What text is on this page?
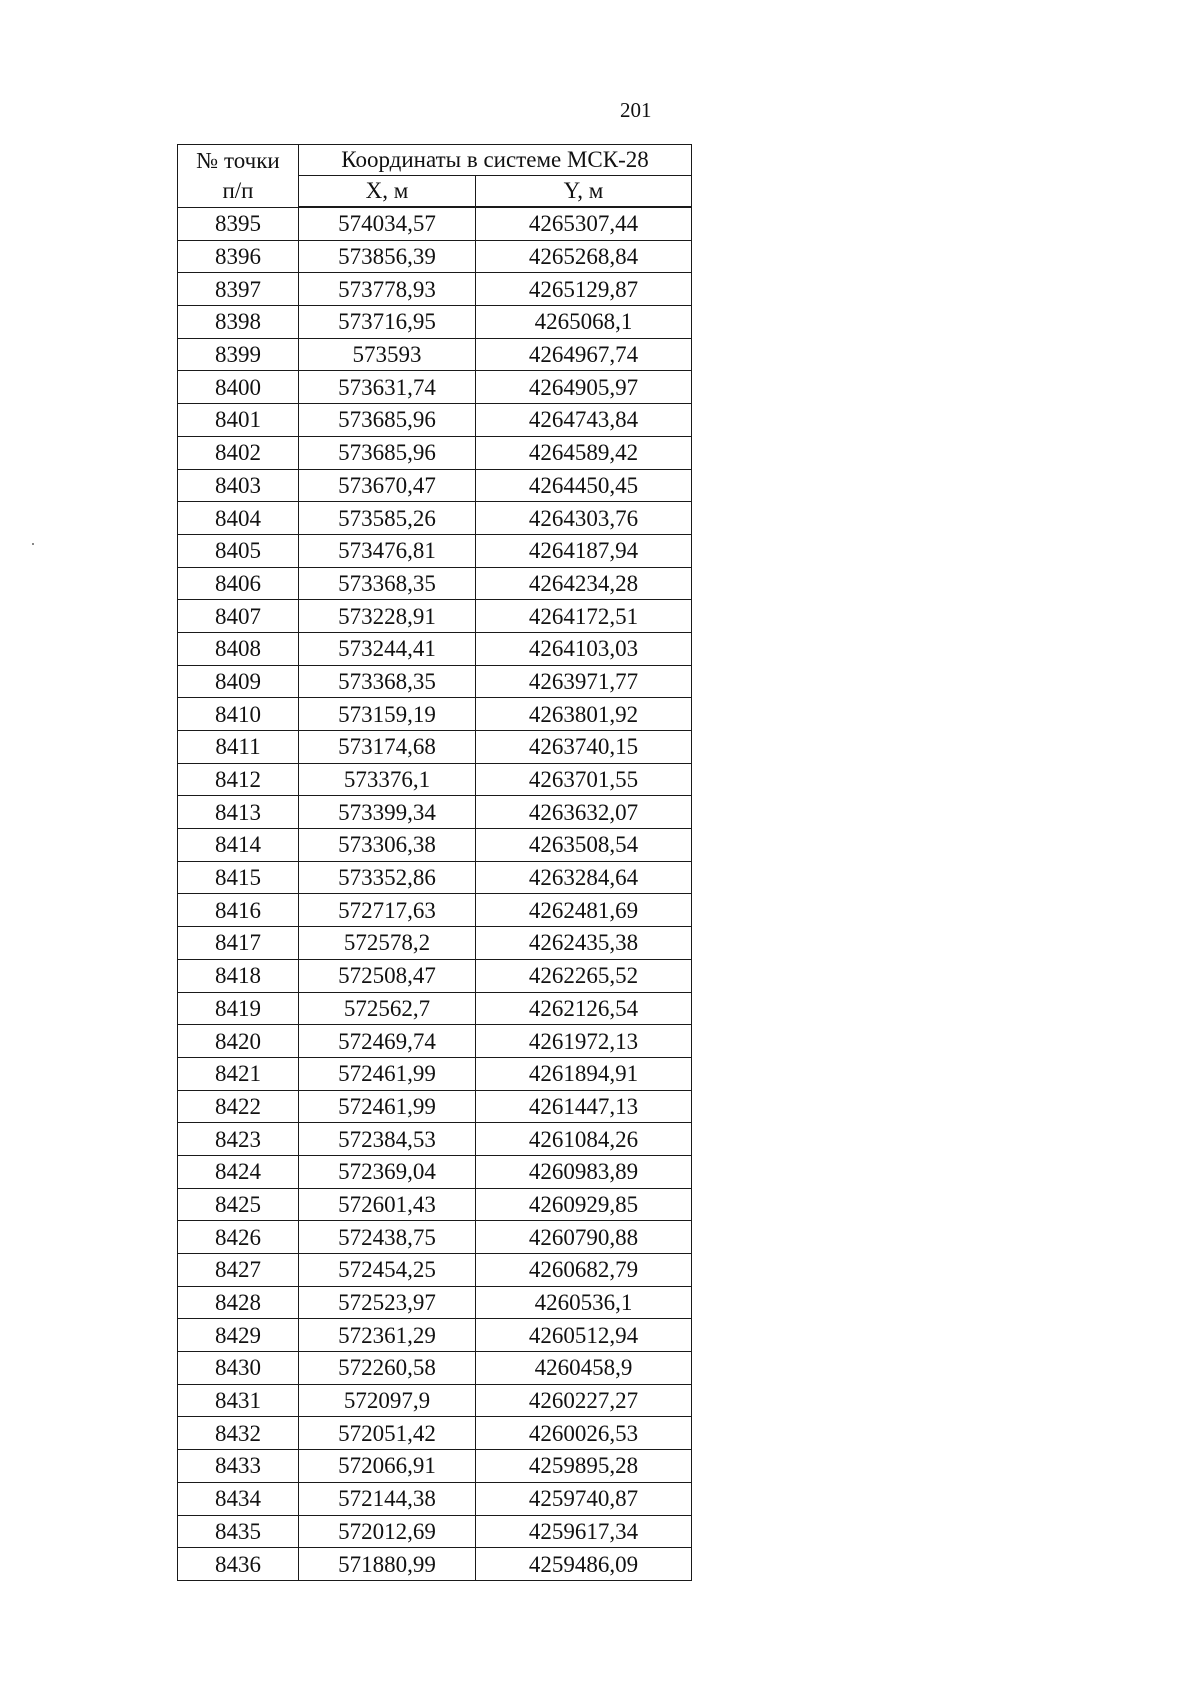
201
№ точки
п/п	Координаты в системе МСК-28	
	X, м	Y, м
8395	574034,57	4265307,44
8396	573856,39	4265268,84
8397	573778,93	4265129,87
8398	573716,95	4265068,1
8399	573593	4264967,74
8400	573631,74	4264905,97
8401	573685,96	4264743,84
8402	573685,96	4264589,42
8403	573670,47	4264450,45
8404	573585,26	4264303,76
8405	573476,81	4264187,94
8406	573368,35	4264234,28
8407	573228,91	4264172,51
8408	573244,41	4264103,03
8409	573368,35	4263971,77
8410	573159,19	4263801,92
8411	573174,68	4263740,15
8412	573376,1	4263701,55
8413	573399,34	4263632,07
8414	573306,38	4263508,54
8415	573352,86	4263284,64
8416	572717,63	4262481,69
8417	572578,2	4262435,38
8418	572508,47	4262265,52
8419	572562,7	4262126,54
8420	572469,74	4261972,13
8421	572461,99	4261894,91
8422	572461,99	4261447,13
8423	572384,53	4261084,26
8424	572369,04	4260983,89
8425	572601,43	4260929,85
8426	572438,75	4260790,88
8427	572454,25	4260682,79
8428	572523,97	4260536,1
8429	572361,29	4260512,94
8430	572260,58	4260458,9
8431	572097,9	4260227,27
8432	572051,42	4260026,53
8433	572066,91	4259895,28
8434	572144,38	4259740,87
8435	572012,69	4259617,34
8436	571880,99	4259486,09
